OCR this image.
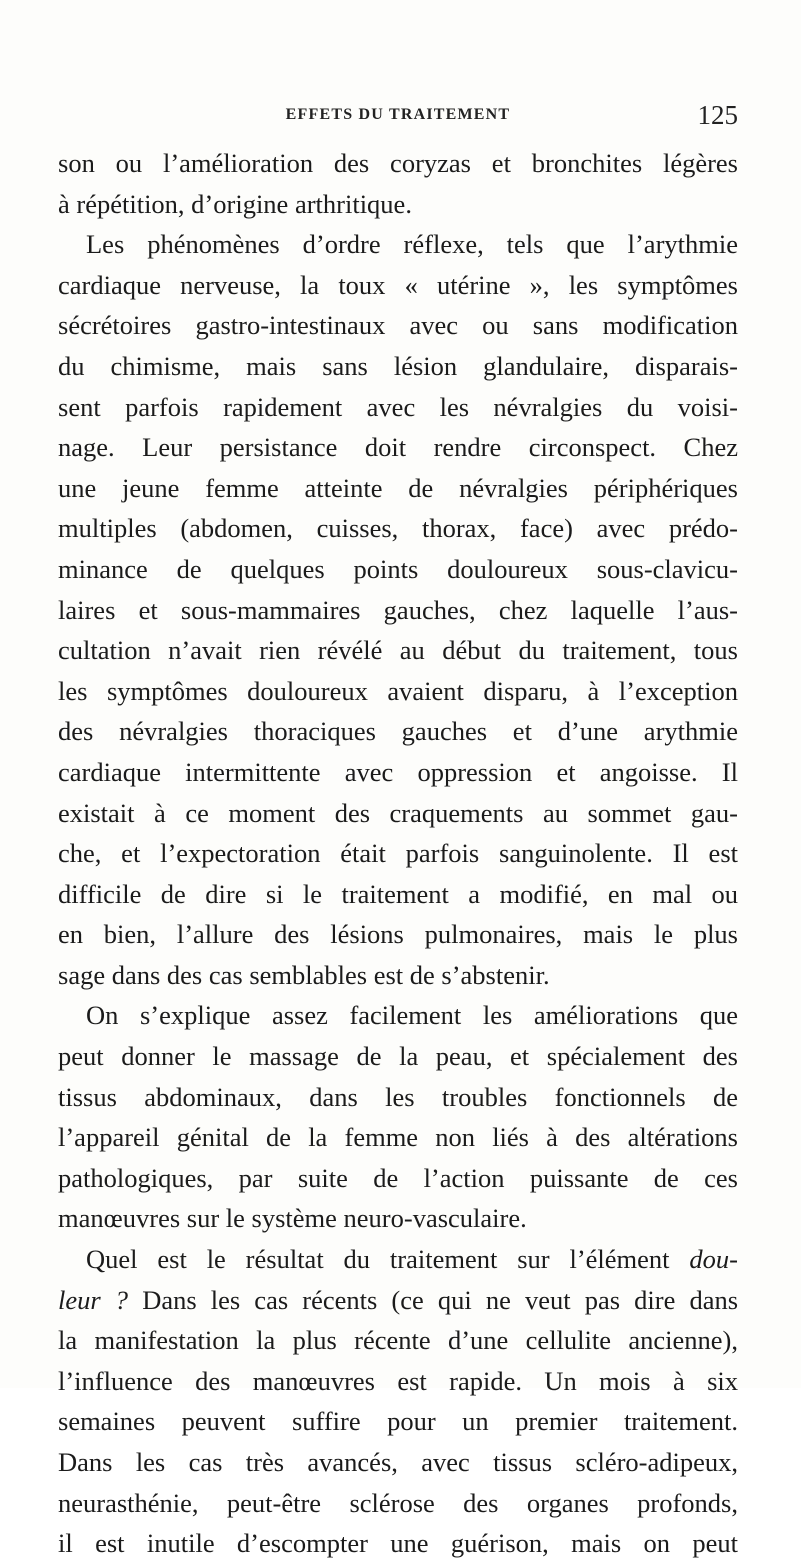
EFFETS DU TRAITEMENT	125
son ou l’amélioration des coryzas et bronchites légères
à répétition, d’origine arthritique.
Les phénomènes d’ordre réflexe, tels que l’arythmie
cardiaque nerveuse, la toux « utérine », les symptômes
sécrétoires gastro-intestinaux avec ou sans modification
du chimisme, mais sans lésion glandulaire, disparais-
sent parfois rapidement avec les névralgies du voisi-
nage. Leur persistance doit rendre circonspect. Chez
une jeune femme atteinte de névralgies périphériques
multiples (abdomen, cuisses, thorax, face) avec prédo-
minance de quelques points douloureux sous-clavicu-
laires et sous-mammaires gauches, chez laquelle l’aus-
cultation n’avait rien révélé au début du traitement, tous
les symptômes douloureux avaient disparu, à l’exception
des névralgies thoraciques gauches et d’une arythmie
cardiaque intermittente avec oppression et angoisse. Il
existait à ce moment des craquements au sommet gau-
che, et l’expectoration était parfois sanguinolente. Il est
difficile de dire si le traitement a modifié, en mal ou
en bien, l’allure des lésions pulmonaires, mais le plus
sage dans des cas semblables est de s’abstenir.
On s’explique assez facilement les améliorations que
peut donner le massage de la peau, et spécialement des
tissus abdominaux, dans les troubles fonctionnels de
l’appareil génital de la femme non liés à des altérations
pathologiques, par suite de l’action puissante de ces
manœuvres sur le système neuro-vasculaire.
Quel est le résultat du traitement sur l’élément dou-
leur ? Dans les cas récents (ce qui ne veut pas dire dans
la manifestation la plus récente d’une cellulite ancienne),
l’influence des manœuvres est rapide. Un mois à six
semaines peuvent suffire pour un premier traitement.
Dans les cas très avancés, avec tissus scléro-adipeux,
neurasthénie, peut-être sclérose des organes profonds,
il est inutile d’escompter une guérison, mais on peut
